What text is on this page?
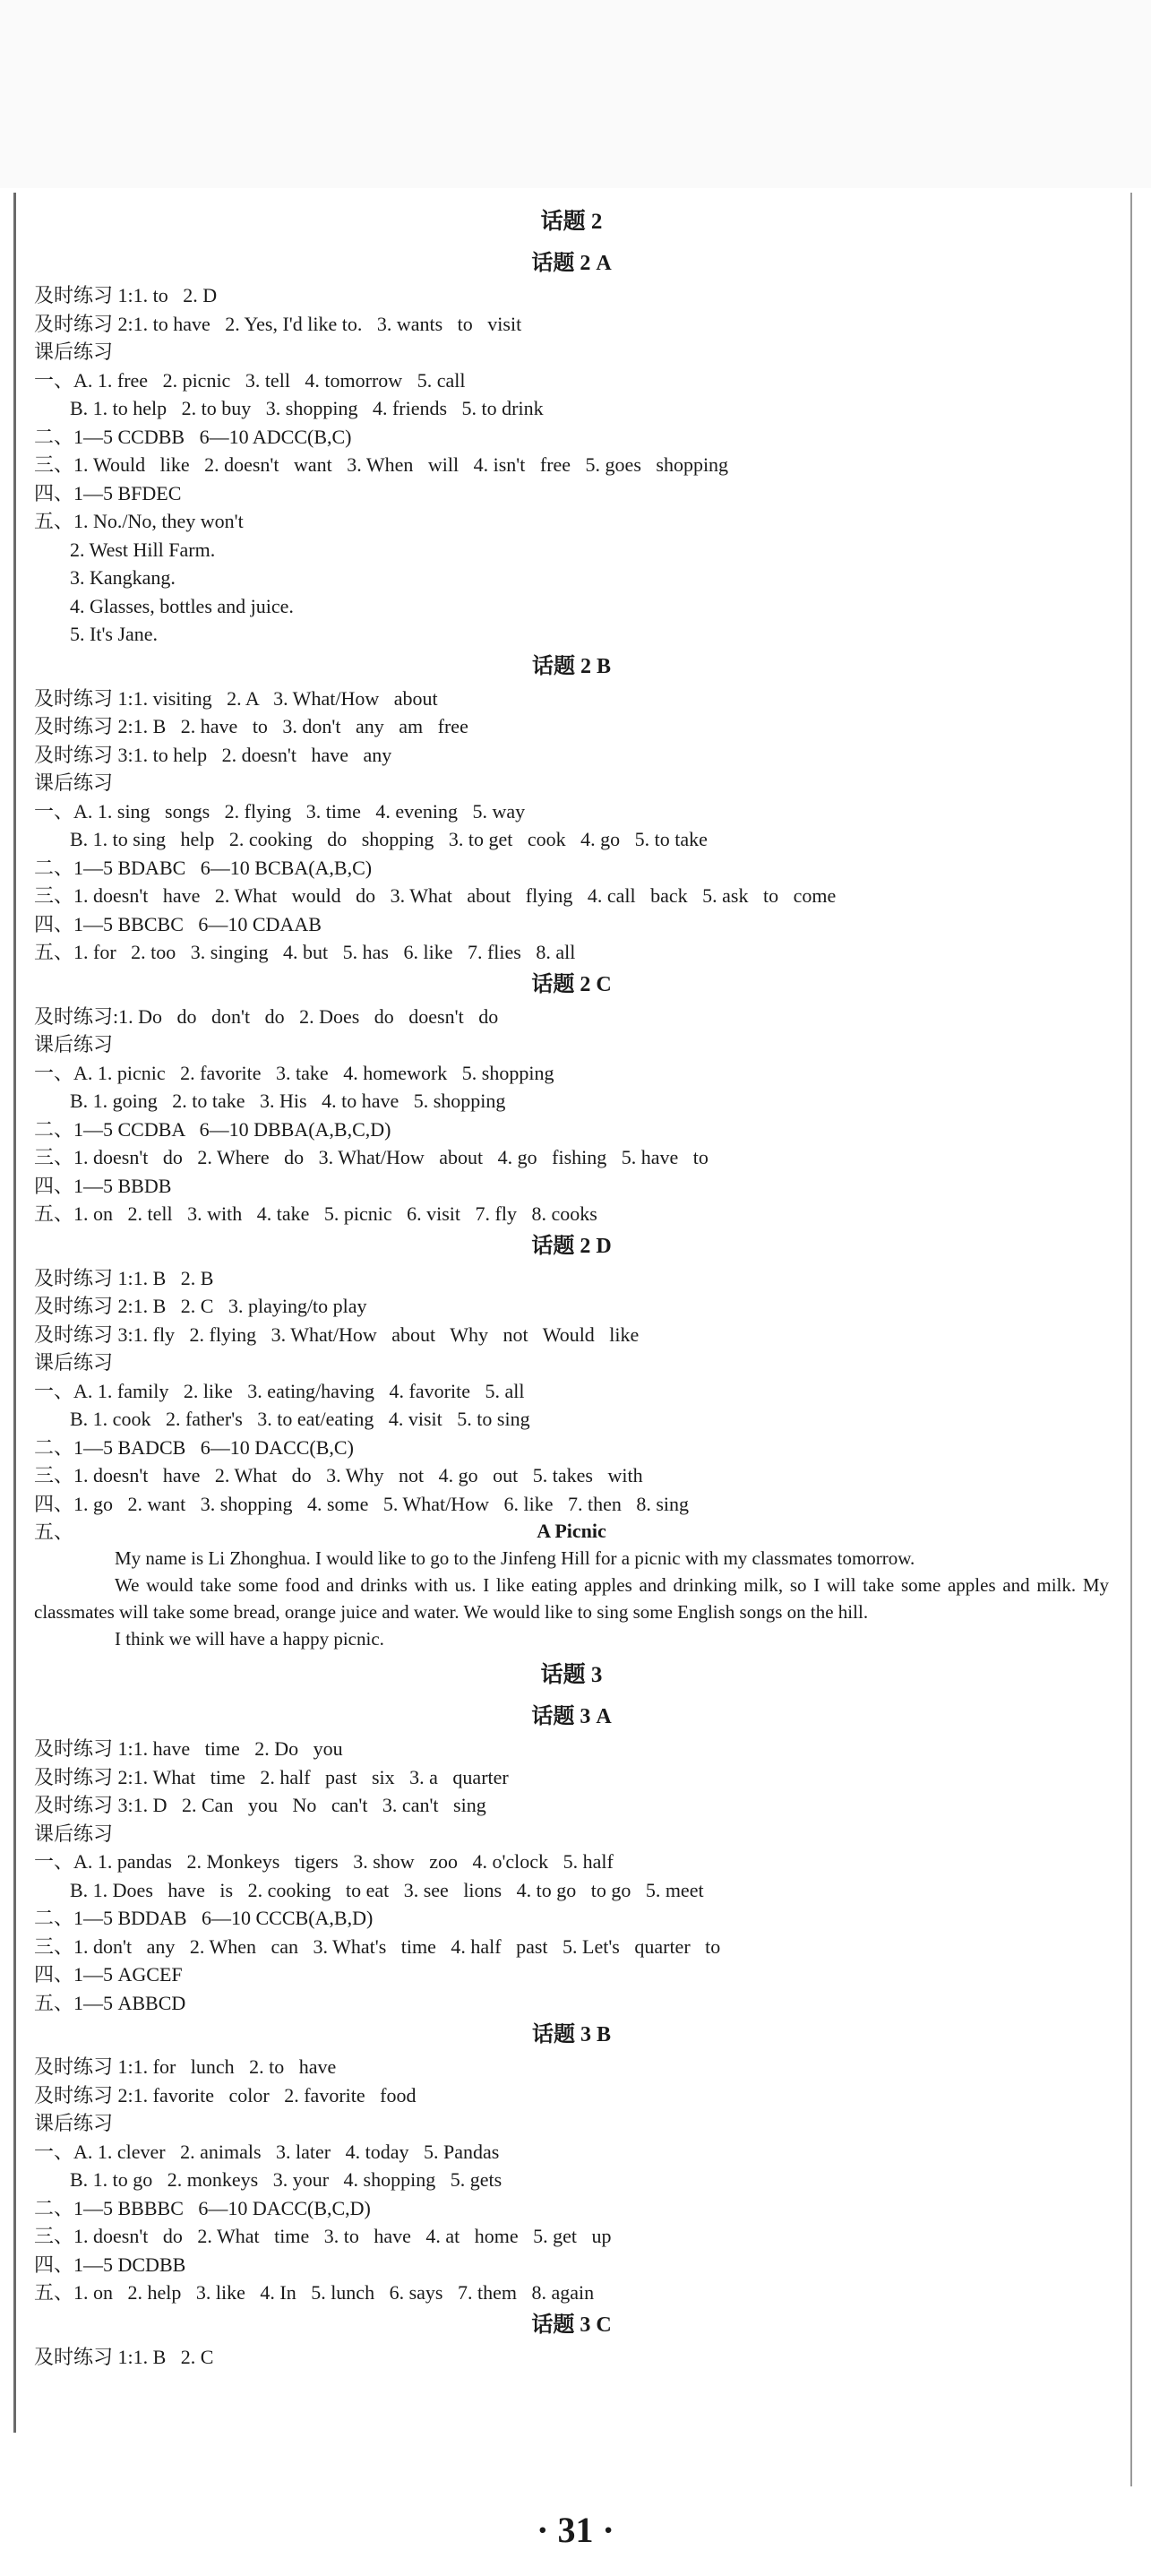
话题 2
话题 2 A
及时练习 1:1. to   2. D
及时练习 2:1. to have   2. Yes, I'd like to.   3. wants   to   visit
课后练习
一、A. 1. free   2. picnic   3. tell   4. tomorrow   5. call
B. 1. to help   2. to buy   3. shopping   4. friends   5. to drink
二、1—5 CCDBB   6—10 ADCC(B,C)
三、1. Would   like   2. doesn't   want   3. When   will   4. isn't   free   5. goes   shopping
四、1—5 BFDEC
五、1. No./No, they won't
2. West Hill Farm.
3. Kangkang.
4. Glasses, bottles and juice.
5. It's Jane.
话题 2 B
及时练习 1:1. visiting   2. A   3. What/How   about
及时练习 2:1. B   2. have   to   3. don't   any   am   free
及时练习 3:1. to help   2. doesn't   have   any
课后练习
一、A. 1. sing   songs   2. flying   3. time   4. evening   5. way
B. 1. to sing   help   2. cooking   do   shopping   3. to get   cook   4. go   5. to take
二、1—5 BDABC   6—10 BCBA(A,B,C)
三、1. doesn't   have   2. What   would   do   3. What   about   flying   4. call   back   5. ask   to   come
四、1—5 BBCBC   6—10 CDAAB
五、1. for   2. too   3. singing   4. but   5. has   6. like   7. flies   8. all
话题 2 C
及时练习:1. Do   do   don't   do   2. Does   do   doesn't   do
课后练习
一、A. 1. picnic   2. favorite   3. take   4. homework   5. shopping
B. 1. going   2. to take   3. His   4. to have   5. shopping
二、1—5 CCDBA   6—10 DBBA(A,B,C,D)
三、1. doesn't   do   2. Where   do   3. What/How   about   4. go   fishing   5. have   to
四、1—5 BBDB
五、1. on   2. tell   3. with   4. take   5. picnic   6. visit   7. fly   8. cooks
话题 2 D
及时练习 1:1. B   2. B
及时练习 2:1. B   2. C   3. playing/to play
及时练习 3:1. fly   2. flying   3. What/How   about   Why   not   Would   like
课后练习
一、A. 1. family   2. like   3. eating/having   4. favorite   5. all
B. 1. cook   2. father's   3. to eat/eating   4. visit   5. to sing
二、1—5 BADCB   6—10 DACC(B,C)
三、1. doesn't   have   2. What   do   3. Why   not   4. go   out   5. takes   with
四、1. go   2. want   3. shopping   4. some   5. What/How   6. like   7. then   8. sing
五、	A Picnic

My name is Li Zhonghua. I would like to go to the Jinfeng Hill for a picnic with my classmates tomorrow.

We would take some food and drinks with us. I like eating apples and drinking milk, so I will take some apples and milk. My classmates will take some bread, orange juice and water. We would like to sing some English songs on the hill.

I think we will have a happy picnic.

话题 3
话题 3 A
及时练习 1:1. have   time   2. Do   you
及时练习 2:1. What   time   2. half   past   six   3. a   quarter
及时练习 3:1. D   2. Can   you   No   can't   3. can't   sing
课后练习
一、A. 1. pandas   2. Monkeys   tigers   3. show   zoo   4. o'clock   5. half
B. 1. Does   have   is   2. cooking   to eat   3. see   lions   4. to go   to go   5. meet
二、1—5 BDDAB   6—10 CCCB(A,B,D)
三、1. don't   any   2. When   can   3. What's   time   4. half   past   5. Let's   quarter   to
四、1—5 AGCEF
五、1—5 ABBCD
话题 3 B
及时练习 1:1. for   lunch   2. to   have
及时练习 2:1. favorite   color   2. favorite   food
课后练习
一、A. 1. clever   2. animals   3. later   4. today   5. Pandas
B. 1. to go   2. monkeys   3. your   4. shopping   5. gets
二、1—5 BBBBC   6—10 DACC(B,C,D)
三、1. doesn't   do   2. What   time   3. to   have   4. at   home   5. get   up
四、1—5 DCDBB
五、1. on   2. help   3. like   4. In   5. lunch   6. says   7. them   8. again
话题 3 C
及时练习 1:1. B   2. C
· 31 ·
